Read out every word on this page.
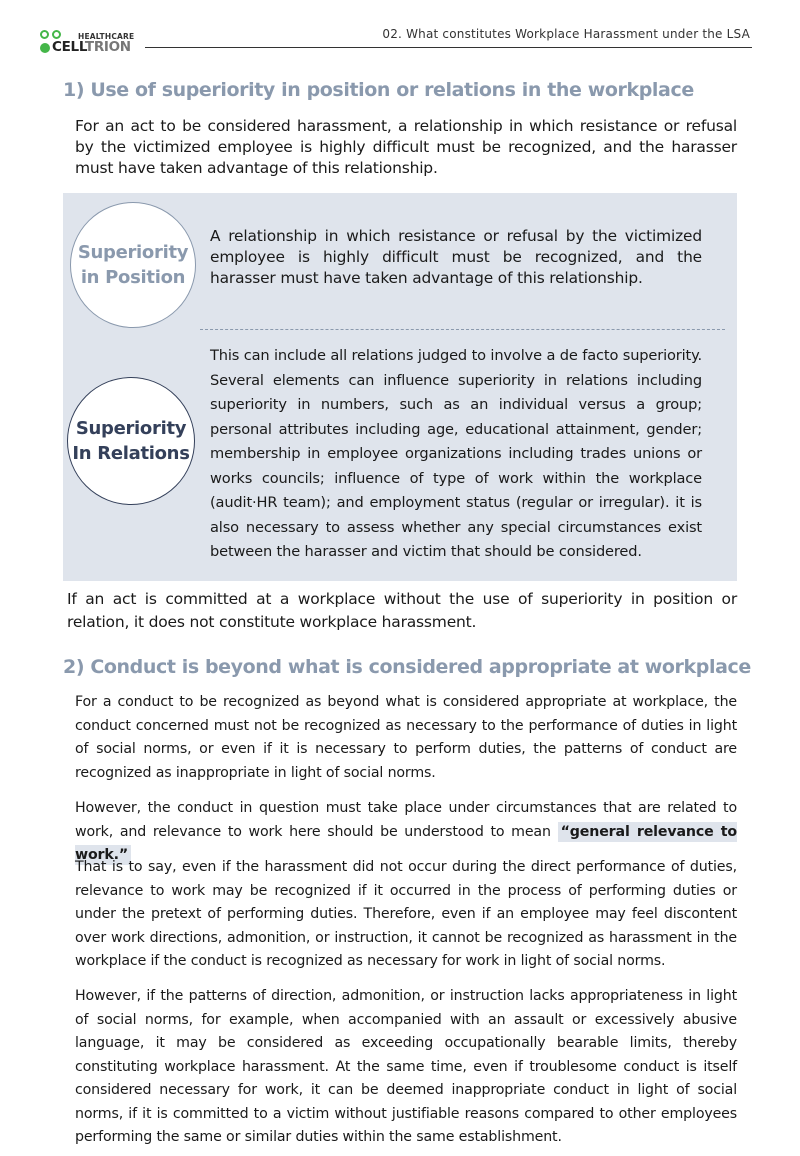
HEALTHCARE
CELLTRION
02. What constitutes Workplace Harassment under the LSA
1) Use of superiority in position or relations in the workplace

For an act to be considered harassment, a relationship in which resistance or refusal by the victimized employee is highly difficult must be recognized, and the harasser must have taken advantage of this relationship.

Superiority
in Position

A relationship in which resistance or refusal by the victimized employee is highly difficult must be recognized, and the harasser must have taken advantage of this relationship.

Superiority
In Relations

This can include all relations judged to involve a de facto superiority. Several elements can influence superiority in relations including superiority in numbers, such as an individual versus a group; personal attributes including age, educational attainment, gender; membership in employee organizations including trades unions or works councils; influence of type of work within the workplace (audit·HR team); and employment status (regular or irregular). it is also necessary to assess whether any special circumstances exist between the harasser and victim that should be considered.

If an act is committed at a workplace without the use of superiority in position or relation, it does not constitute workplace harassment.

2) Conduct is beyond what is considered appropriate at workplace

For a conduct to be recognized as beyond what is considered appropriate at workplace, the conduct concerned must not be recognized as necessary to the performance of duties in light of social norms, or even if it is necessary to perform duties, the patterns of conduct are recognized as inappropriate in light of social norms.

However, the conduct in question must take place under circumstances that are related to work, and relevance to work here should be understood to mean “general relevance to work.”

That is to say, even if the harassment did not occur during the direct performance of duties, relevance to work may be recognized if it occurred in the process of performing duties or under the pretext of performing duties. Therefore, even if an employee may feel discontent over work directions, admonition, or instruction, it cannot be recognized as harassment in the workplace if the conduct is recognized as necessary for work in light of social norms.

However, if the patterns of direction, admonition, or instruction lacks appropriateness in light of social norms, for example, when accompanied with an assault or excessively abusive language, it may be considered as exceeding occupationally bearable limits, thereby constituting workplace harassment. At the same time, even if troublesome conduct is itself considered necessary for work, it can be deemed inappropriate conduct in light of social norms, if it is committed to a victim without justifiable reasons compared to other employees performing the same or similar duties within the same establishment.
